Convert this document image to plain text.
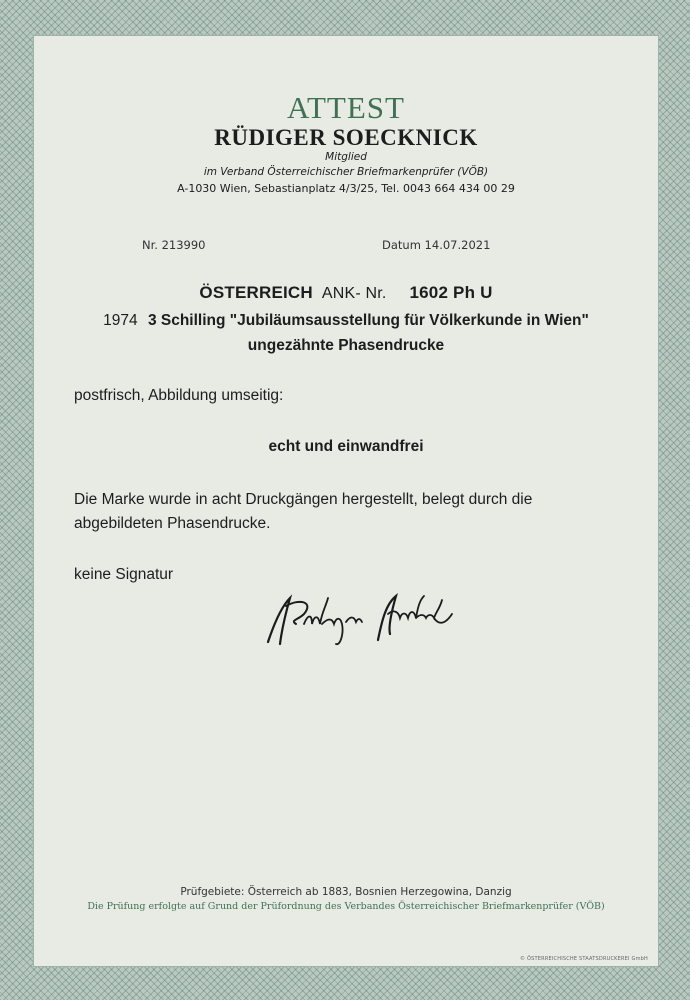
ATTEST
RÜDIGER SOECKNICK
Mitglied
im Verband Österreichischer Briefmarkenprüfer (VÖB)
A-1030 Wien, Sebastianplatz 4/3/25, Tel. 0043 664 434 00 29
Nr. 213990	Datum 14.07.2021
ÖSTERREICH ANK- Nr. 1602 Ph U
1974 3 Schilling "Jubiläumsausstellung für Völkerkunde in Wien"
ungezähnte Phasendrucke
postfrisch, Abbildung umseitig:
echt und einwandfrei
Die Marke wurde in acht Druckgängen hergestellt, belegt durch die abgebildeten Phasendrucke.
keine Signatur
Prüfgebiete: Österreich ab 1883, Bosnien Herzegowina, Danzig
Die Prüfung erfolgte auf Grund der Prüfordnung des Verbandes Österreichischer Briefmarkenprüfer (VÖB)
© ÖSTERREICHISCHE STAATSDRUCKEREI GmbH
